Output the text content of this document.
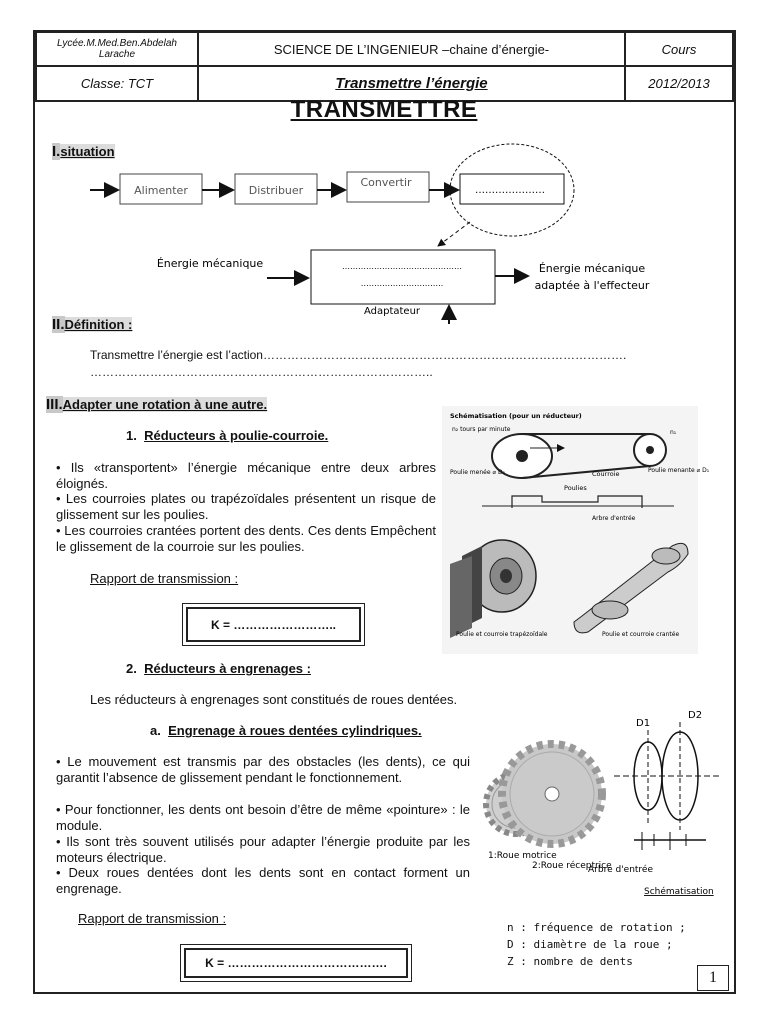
Lycée.M.Med.Ben.Abdelah Larache	SCIENCE DE L’INGENIEUR –chaine d’énergie-	Cours
Classe: TCT	Transmettre l’énergie	2012/2013
TRANSMETTRE
I.situation
Alimenter	Distribuer
Convertir
…………………
………………………………………
………………………….
Énergie mécanique	Énergie mécanique
adaptée à l'effecteur
Adaptateur
II.Définition :
Transmettre l’énergie est l’action……………………………………………………………………………….
…………………………………………………………………………..
III.Adapter une rotation à une autre.
1. Réducteurs à poulie-courroie.
• Ils «transportent» l’énergie mécanique entre deux arbres éloignés.
• Les courroies plates ou trapézoïdales présentent un risque de glissement sur les poulies.
• Les courroies crantées portent des dents. Ces dents Empêchent le glissement de la courroie sur les poulies.
Rapport de transmission :
K = ……………………..
Schématisation (pour un réducteur)
n₂ tours par minute	n₁
Poulie menée ⌀ D₂	Courroie
Poulies
Poulie menante ⌀ D₁
Arbre d'entrée
Poulie et courroie trapézoïdale	Poulie et courroie crantée
2. Réducteurs à engrenages :
Les réducteurs à engrenages sont constitués de roues dentées.
a. Engrenage à roues dentées cylindriques.
• Le mouvement est transmis par des obstacles (les dents), ce qui garantit l’absence de glissement pendant le fonctionnement.
• Pour fonctionner, les dents ont besoin d’être de même «pointure» : le module.
• Ils sont très souvent utilisés pour adapter l’énergie produite par les moteurs électrique.
• Deux roues dentées dont les dents sont en contact forment un engrenage.
Rapport de transmission :
K = ………………………………….
1:Roue motrice
2:Roue réceptrice
D1
D2
Arbre d'entrée
Schématisation
n : fréquence de rotation ;
D : diamètre de la roue ;
Z : nombre de dents
1
